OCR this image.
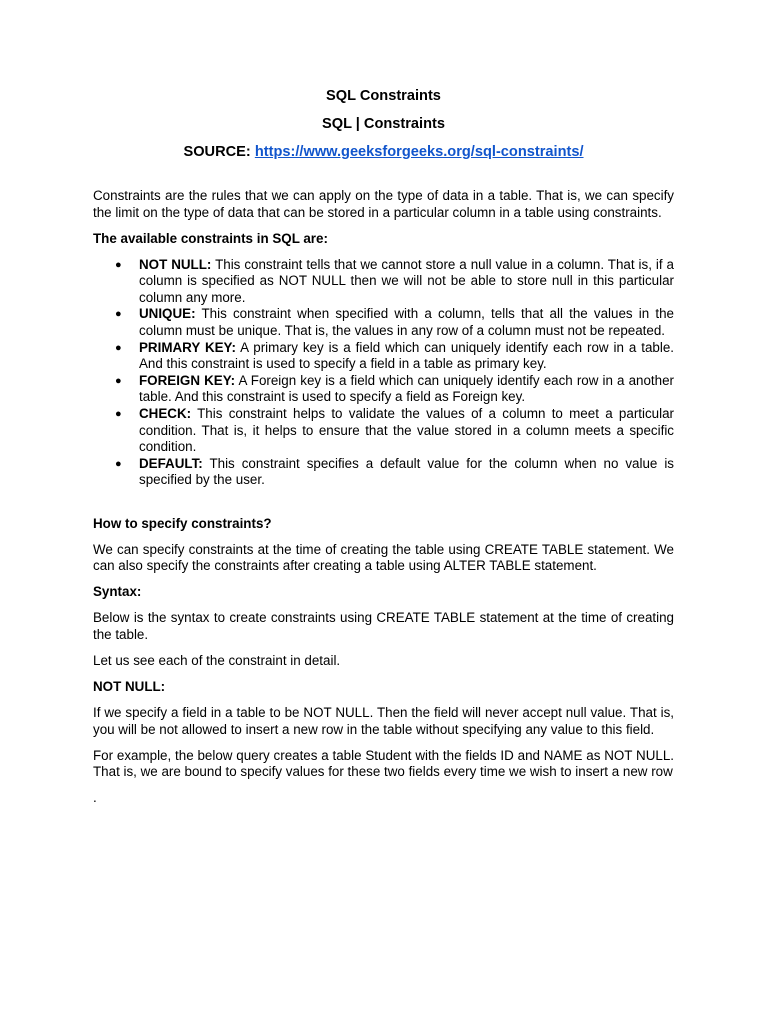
SQL Constraints
SQL | Constraints
SOURCE: https://www.geeksforgeeks.org/sql-constraints/
Constraints are the rules that we can apply on the type of data in a table. That is, we can specify the limit on the type of data that can be stored in a particular column in a table using constraints.
The available constraints in SQL are:
● NOT NULL: This constraint tells that we cannot store a null value in a column. That is, if a column is specified as NOT NULL then we will not be able to store null in this particular column any more.
● UNIQUE: This constraint when specified with a column, tells that all the values in the column must be unique. That is, the values in any row of a column must not be repeated.
● PRIMARY KEY: A primary key is a field which can uniquely identify each row in a table. And this constraint is used to specify a field in a table as primary key.
● FOREIGN KEY: A Foreign key is a field which can uniquely identify each row in a another table. And this constraint is used to specify a field as Foreign key.
● CHECK: This constraint helps to validate the values of a column to meet a particular condition. That is, it helps to ensure that the value stored in a column meets a specific condition.
● DEFAULT: This constraint specifies a default value for the column when no value is specified by the user.
How to specify constraints?
We can specify constraints at the time of creating the table using CREATE TABLE statement. We can also specify the constraints after creating a table using ALTER TABLE statement.
Syntax:
Below is the syntax to create constraints using CREATE TABLE statement at the time of creating the table.
Let us see each of the constraint in detail.
NOT NULL:
If we specify a field in a table to be NOT NULL. Then the field will never accept null value. That is, you will be not allowed to insert a new row in the table without specifying any value to this field.
For example, the below query creates a table Student with the fields ID and NAME as NOT NULL. That is, we are bound to specify values for these two fields every time we wish to insert a new row
.
